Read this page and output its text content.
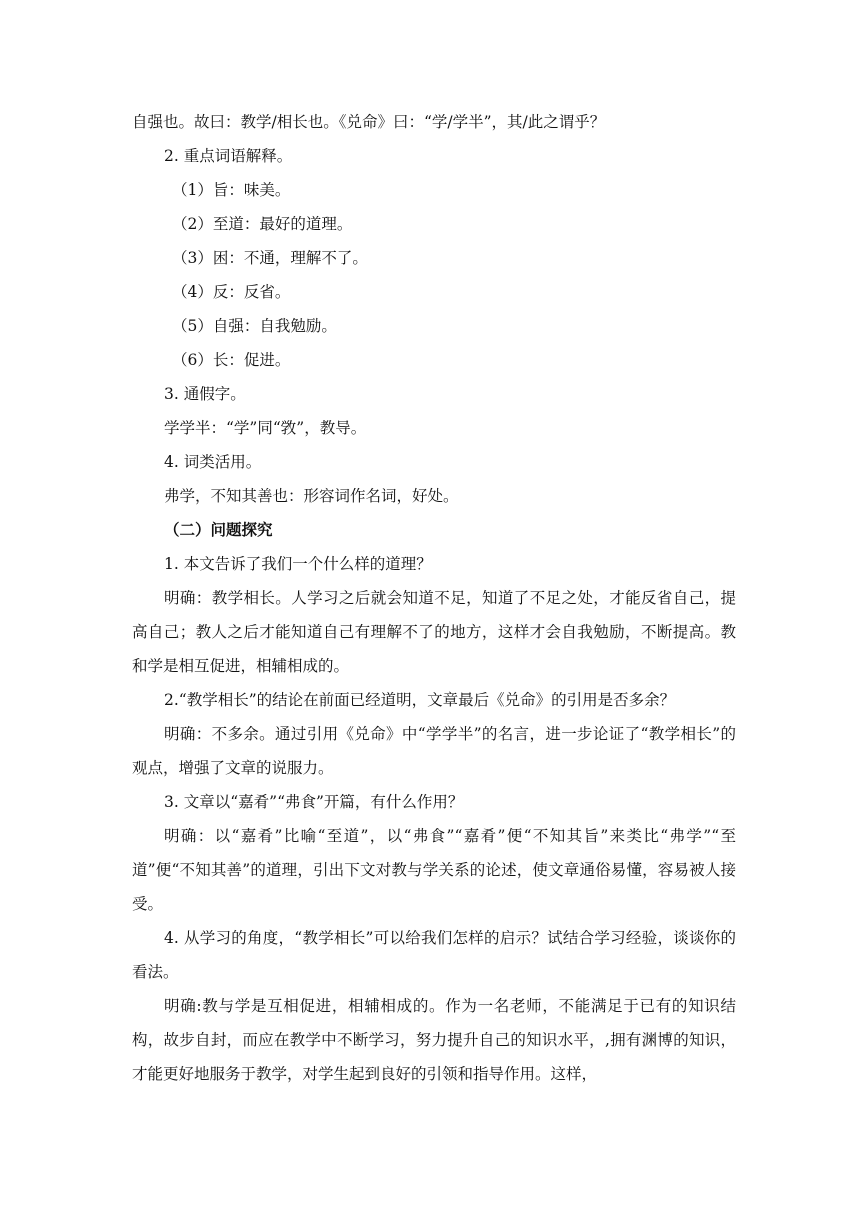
自强也。故曰：教学/相长也。《兑命》曰：“学/学半”，其/此之谓乎？

2. 重点词语解释。

（1）旨：味美。

（2）至道：最好的道理。

（3）困：不通，理解不了。

（4）反：反省。

（5）自强：自我勉励。

（6）长：促进。

3. 通假字。

学学半：“学”同“敩”，教导。

4. 词类活用。

弗学，不知其善也：形容词作名词，好处。

（二）问题探究

1. 本文告诉了我们一个什么样的道理？

明确：教学相长。人学习之后就会知道不足，知道了不足之处，才能反省自己，提高自己；教人之后才能知道自己有理解不了的地方，这样才会自我勉励，不断提高。教和学是相互促进，相辅相成的。

2.“教学相长”的结论在前面已经道明，文章最后《兑命》的引用是否多余？

明确：不多余。通过引用《兑命》中“学学半”的名言，进一步论证了“教学相长”的观点，增强了文章的说服力。

3. 文章以“嘉肴”“弗食”开篇，有什么作用？

明确：以“嘉肴”比喻“至道”，以“弗食”“嘉肴”便“不知其旨”来类比“弗学”“至道”便“不知其善”的道理，引出下文对教与学关系的论述，使文章通俗易懂，容易被人接受。

4. 从学习的角度，“教学相长”可以给我们怎样的启示？试结合学习经验，谈谈你的看法。

明确:教与学是互相促进，相辅相成的。作为一名老师，不能满足于已有的知识结构，故步自封，而应在教学中不断学习，努力提升自己的知识水平，,拥有渊博的知识，才能更好地服务于教学，对学生起到良好的引领和指导作用。这样，
